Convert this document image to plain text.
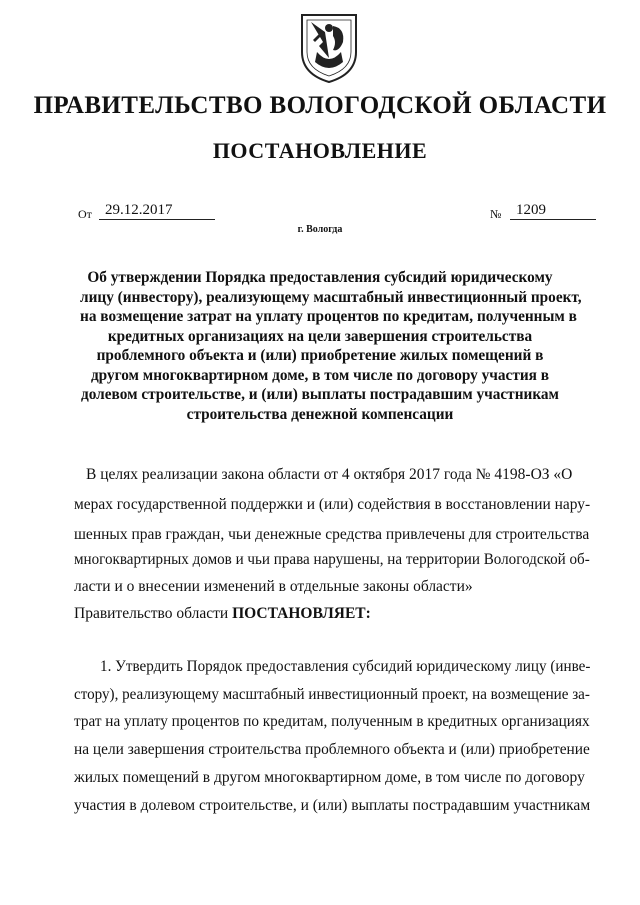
ПРАВИТЕЛЬСТВО ВОЛОГОДСКОЙ ОБЛАСТИ
ПОСТАНОВЛЕНИЕ
От 29.12.2017	№ 1209
г. Вологда
Об утверждении Порядка предоставления субсидий юридическому
лицу (инвестору), реализующему масштабный инвестиционный проект,
на возмещение затрат на уплату процентов по кредитам, полученным в
кредитных организациях на цели завершения строительства
проблемного объекта и (или) приобретение жилых помещений в
другом многоквартирном доме, в том числе по договору участия в
долевом строительстве, и (или) выплаты пострадавшим участникам
строительства денежной компенсации
В целях реализации закона области от 4 октября 2017 года № 4198-ОЗ «О
мерах государственной поддержки и (или) содействия в восстановлении нару-
шенных прав граждан, чьи денежные средства привлечены для строительства
многоквартирных домов и чьи права нарушены, на территории Вологодской об-
ласти и о внесении изменений в отдельные законы области»
Правительство области ПОСТАНОВЛЯЕТ:
1. Утвердить Порядок предоставления субсидий юридическому лицу (инве-
стору), реализующему масштабный инвестиционный проект, на возмещение за-
трат на уплату процентов по кредитам, полученным в кредитных организациях
на цели завершения строительства проблемного объекта и (или) приобретение
жилых помещений в другом многоквартирном доме, в том числе по договору
участия в долевом строительстве, и (или) выплаты пострадавшим участникам
